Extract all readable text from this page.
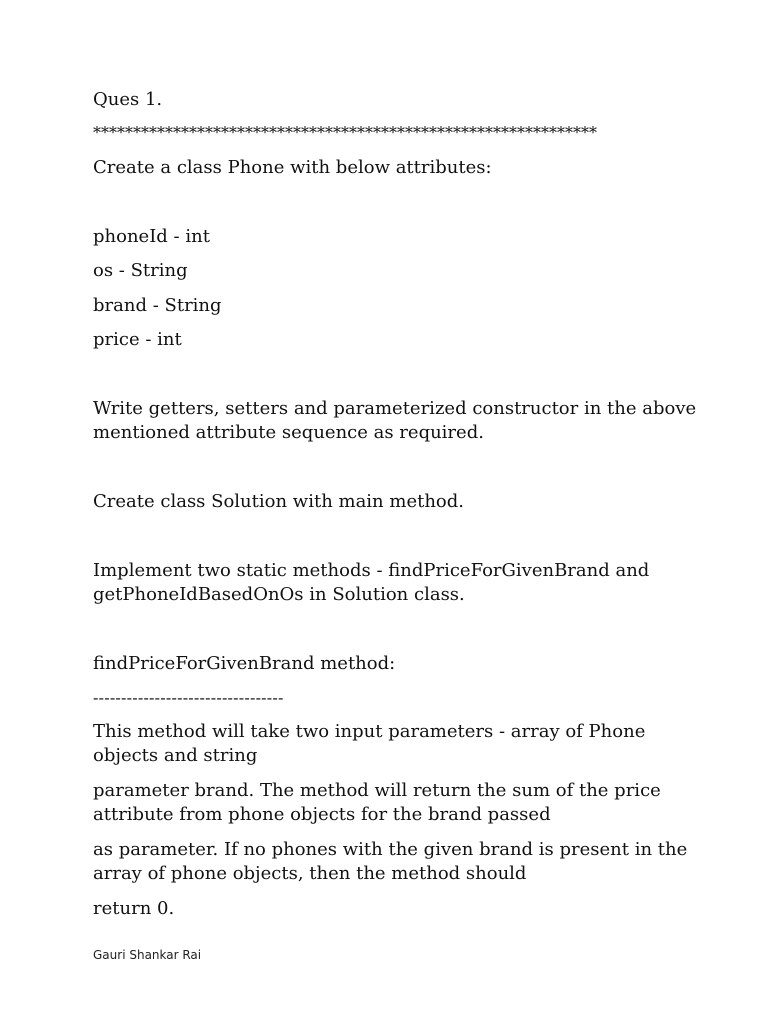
Ques 1.

***************************************************************

Create a class Phone with below attributes:

phoneId - int

os - String

brand - String

price - int

Write getters, setters and parameterized constructor in the above
mentioned attribute sequence as required.

Create class Solution with main method.

Implement two static methods - findPriceForGivenBrand and
getPhoneIdBasedOnOs in Solution class.

findPriceForGivenBrand method:

----------------------------------

This method will take two input parameters - array of Phone
objects and string
parameter brand. The method will return the sum of the price
attribute from phone objects for the brand passed
as parameter. If no phones with the given brand is present in the
array of phone objects, then the method should

return 0.

Gauri Shankar Rai
